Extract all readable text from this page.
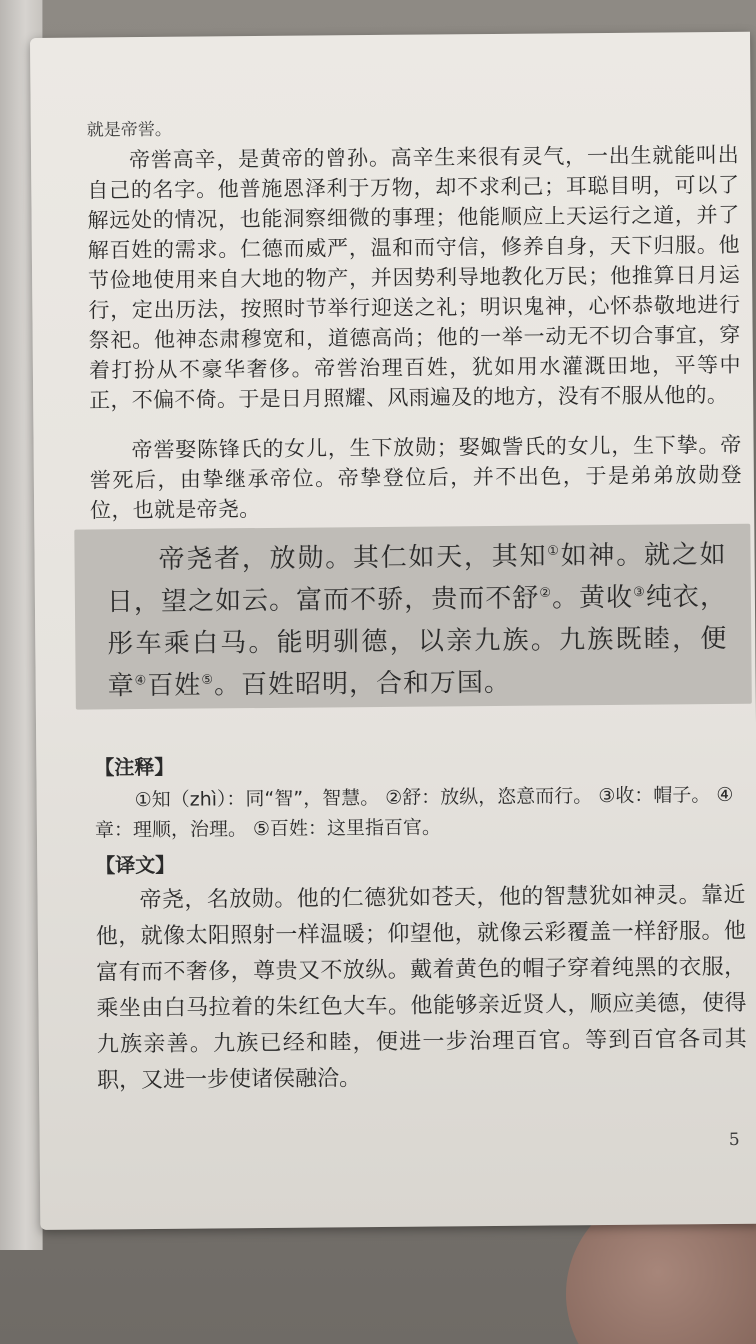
就是帝喾。
帝喾高辛，是黄帝的曾孙。高辛生来很有灵气，一出生就能叫出自己的名字。他普施恩泽利于万物，却不求利己；耳聪目明，可以了解远处的情况，也能洞察细微的事理；他能顺应上天运行之道，并了解百姓的需求。仁德而威严，温和而守信，修养自身，天下归服。他节俭地使用来自大地的物产，并因势利导地教化万民；他推算日月运行，定出历法，按照时节举行迎送之礼；明识鬼神，心怀恭敬地进行祭祀。他神态肃穆宽和，道德高尚；他的一举一动无不切合事宜，穿着打扮从不豪华奢侈。帝喾治理百姓，犹如用水灌溉田地，平等中正，不偏不倚。于是日月照耀、风雨遍及的地方，没有不服从他的。
帝喾娶陈锋氏的女儿，生下放勋；娶娵訾氏的女儿，生下挚。帝喾死后，由挚继承帝位。帝挚登位后，并不出色，于是弟弟放勋登位，也就是帝尧。
帝尧者，放勋。其仁如天，其知①如神。就之如日，望之如云。富而不骄，贵而不舒②。黄收③纯衣，彤车乘白马。能明驯德，以亲九族。九族既睦，便章④百姓⑤。百姓昭明，合和万国。
【注释】
①知（zhì）：同“智”，智慧。 ②舒：放纵，恣意而行。 ③收：帽子。 ④章：理顺，治理。 ⑤百姓：这里指百官。
【译文】
帝尧，名放勋。他的仁德犹如苍天，他的智慧犹如神灵。靠近他，就像太阳照射一样温暖；仰望他，就像云彩覆盖一样舒服。他富有而不奢侈，尊贵又不放纵。戴着黄色的帽子穿着纯黑的衣服，乘坐由白马拉着的朱红色大车。他能够亲近贤人，顺应美德，使得九族亲善。九族已经和睦，便进一步治理百官。等到百官各司其职，又进一步使诸侯融洽。
5
